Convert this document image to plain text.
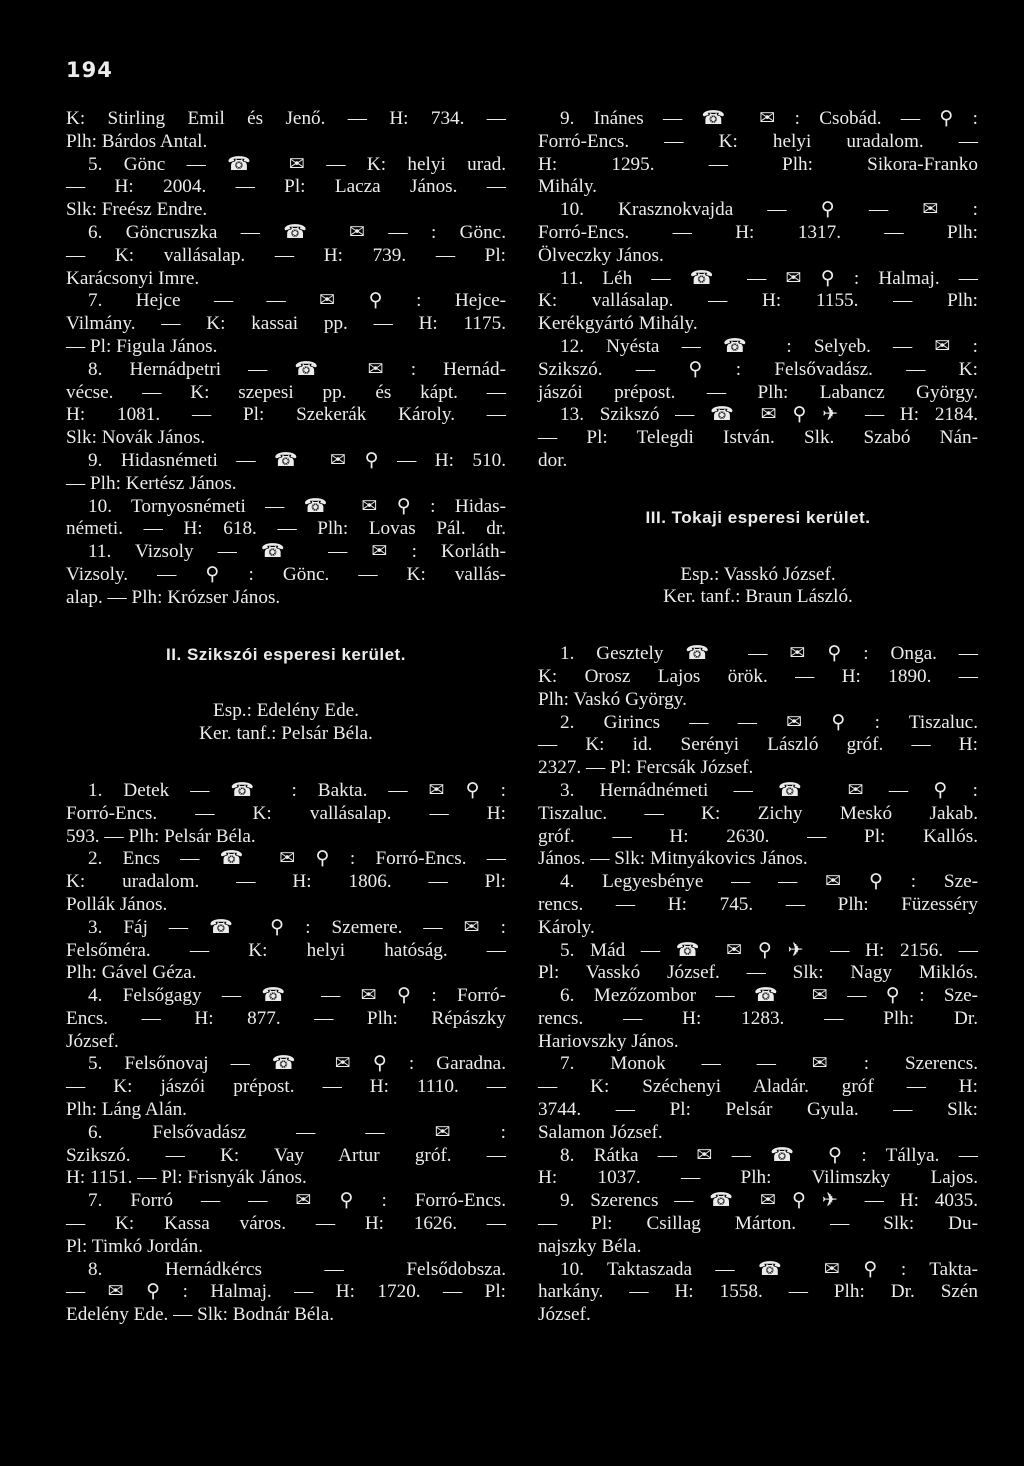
194
K: Stirling Emil és Jenő. — H: 734. —
Plh: Bárdos Antal.
5. Gönc — ☎ ✉ — K: helyi urad.
— H: 2004. — Pl: Lacza János. —
Slk: Freész Endre.
6. Göncruszka — ☎ ✉ — : Gönc.
— K: vallásalap. — H: 739. — Pl:
Karácsonyi Imre.
7. Hejce — — ✉ ⚲ : Hejce-
Vilmány. — K: kassai pp. — H: 1175.
— Pl: Figula János.
8. Hernádpetri — ☎ ✉ : Hernád-
vécse. — K: szepesi pp. és kápt. —
H: 1081. — Pl: Szekerák Károly. —
Slk: Novák János.
9. Hidasnémeti — ☎ ✉ ⚲ — H: 510.
— Plh: Kertész János.
10. Tornyosnémeti — ☎ ✉ ⚲ : Hidas-
németi. — H: 618. — Plh: Lovas Pál. dr.
11. Vizsoly — ☎ — ✉ : Korláth-
Vizsoly. — ⚲ : Gönc. — K: vallás-
alap. — Plh: Krózser János.
II. Szikszói esperesi kerület.
Esp.: Edelény Ede.
Ker. tanf.: Pelsár Béla.
1. Detek — ☎ : Bakta. — ✉ ⚲ :
Forró-Encs. — K: vallásalap. — H:
593. — Plh: Pelsár Béla.
2. Encs — ☎ ✉ ⚲ : Forró-Encs. —
K: uradalom. — H: 1806. — Pl:
Pollák János.
3. Fáj — ☎ ⚲ : Szemere. — ✉ :
Felsőméra. — K: helyi hatóság. —
Plh: Gável Géza.
4. Felsőgagy — ☎ — ✉ ⚲ : Forró-
Encs. — H: 877. — Plh: Répászky
József.
5. Felsőnovaj — ☎ ✉ ⚲ : Garadna.
— K: jászói prépost. — H: 1110. —
Plh: Láng Alán.
6. Felsővadász — — ✉ :
Szikszó. — K: Vay Artur gróf. —
H: 1151. — Pl: Frisnyák János.
7. Forró — — ✉ ⚲ : Forró-Encs.
— K: Kassa város. — H: 1626. —
Pl: Timkó Jordán.
8. Hernádkércs — Felsődobsza.
— ✉ ⚲ : Halmaj. — H: 1720. — Pl:
Edelény Ede. — Slk: Bodnár Béla.
9. Inánes — ☎ ✉ : Csobád. — ⚲ :
Forró-Encs. — K: helyi uradalom. —
H: 1295. — Plh: Sikora-Franko
Mihály.
10. Krasznokvajda — ⚲ — ✉ :
Forró-Encs. — H: 1317. — Plh:
Ölveczky János.
11. Léh — ☎ — ✉ ⚲ : Halmaj. —
K: vallásalap. — H: 1155. — Plh:
Kerékgyártó Mihály.
12. Nyésta — ☎ : Selyeb. — ✉ :
Szikszó. — ⚲ : Felsővadász. — K:
jászói prépost. — Plh: Labancz György.
13. Szikszó — ☎ ✉ ⚲ ✈ — H: 2184.
— Pl: Telegdi István. Slk. Szabó Nán-
dor.
III. Tokaji esperesi kerület.
Esp.: Vasskó József.
Ker. tanf.: Braun László.
1. Gesztely ☎ — ✉ ⚲ : Onga. —
K: Orosz Lajos örök. — H: 1890. —
Plh: Vaskó György.
2. Girincs — — ✉ ⚲ : Tiszaluc.
— K: id. Serényi László gróf. — H:
2327. — Pl: Fercsák József.
3. Hernádnémeti — ☎ ✉ — ⚲ :
Tiszaluc. — K: Zichy Meskó Jakab.
gróf. — H: 2630. — Pl: Kallós.
János. — Slk: Mitnyákovics János.
4. Legyesbénye — — ✉ ⚲ : Sze-
rencs. — H: 745. — Plh: Füzesséry
Károly.
5. Mád — ☎ ✉ ⚲ ✈ — H: 2156. —
Pl: Vasskó József. — Slk: Nagy Miklós.
6. Mezőzombor — ☎ ✉ — ⚲ : Sze-
rencs. — H: 1283. — Plh: Dr.
Hariovszky János.
7. Monok — — ✉ : Szerencs.
— K: Széchenyi Aladár. gróf — H:
3744. — Pl: Pelsár Gyula. — Slk:
Salamon József.
8. Rátka — ✉ — ☎ ⚲ : Tállya. —
H: 1037. — Plh: Vilimszky Lajos.
9. Szerencs — ☎ ✉ ⚲ ✈ — H: 4035.
— Pl: Csillag Márton. — Slk: Du-
najszky Béla.
10. Taktaszada — ☎ ✉ ⚲ : Takta-
harkány. — H: 1558. — Plh: Dr. Szén
József.
